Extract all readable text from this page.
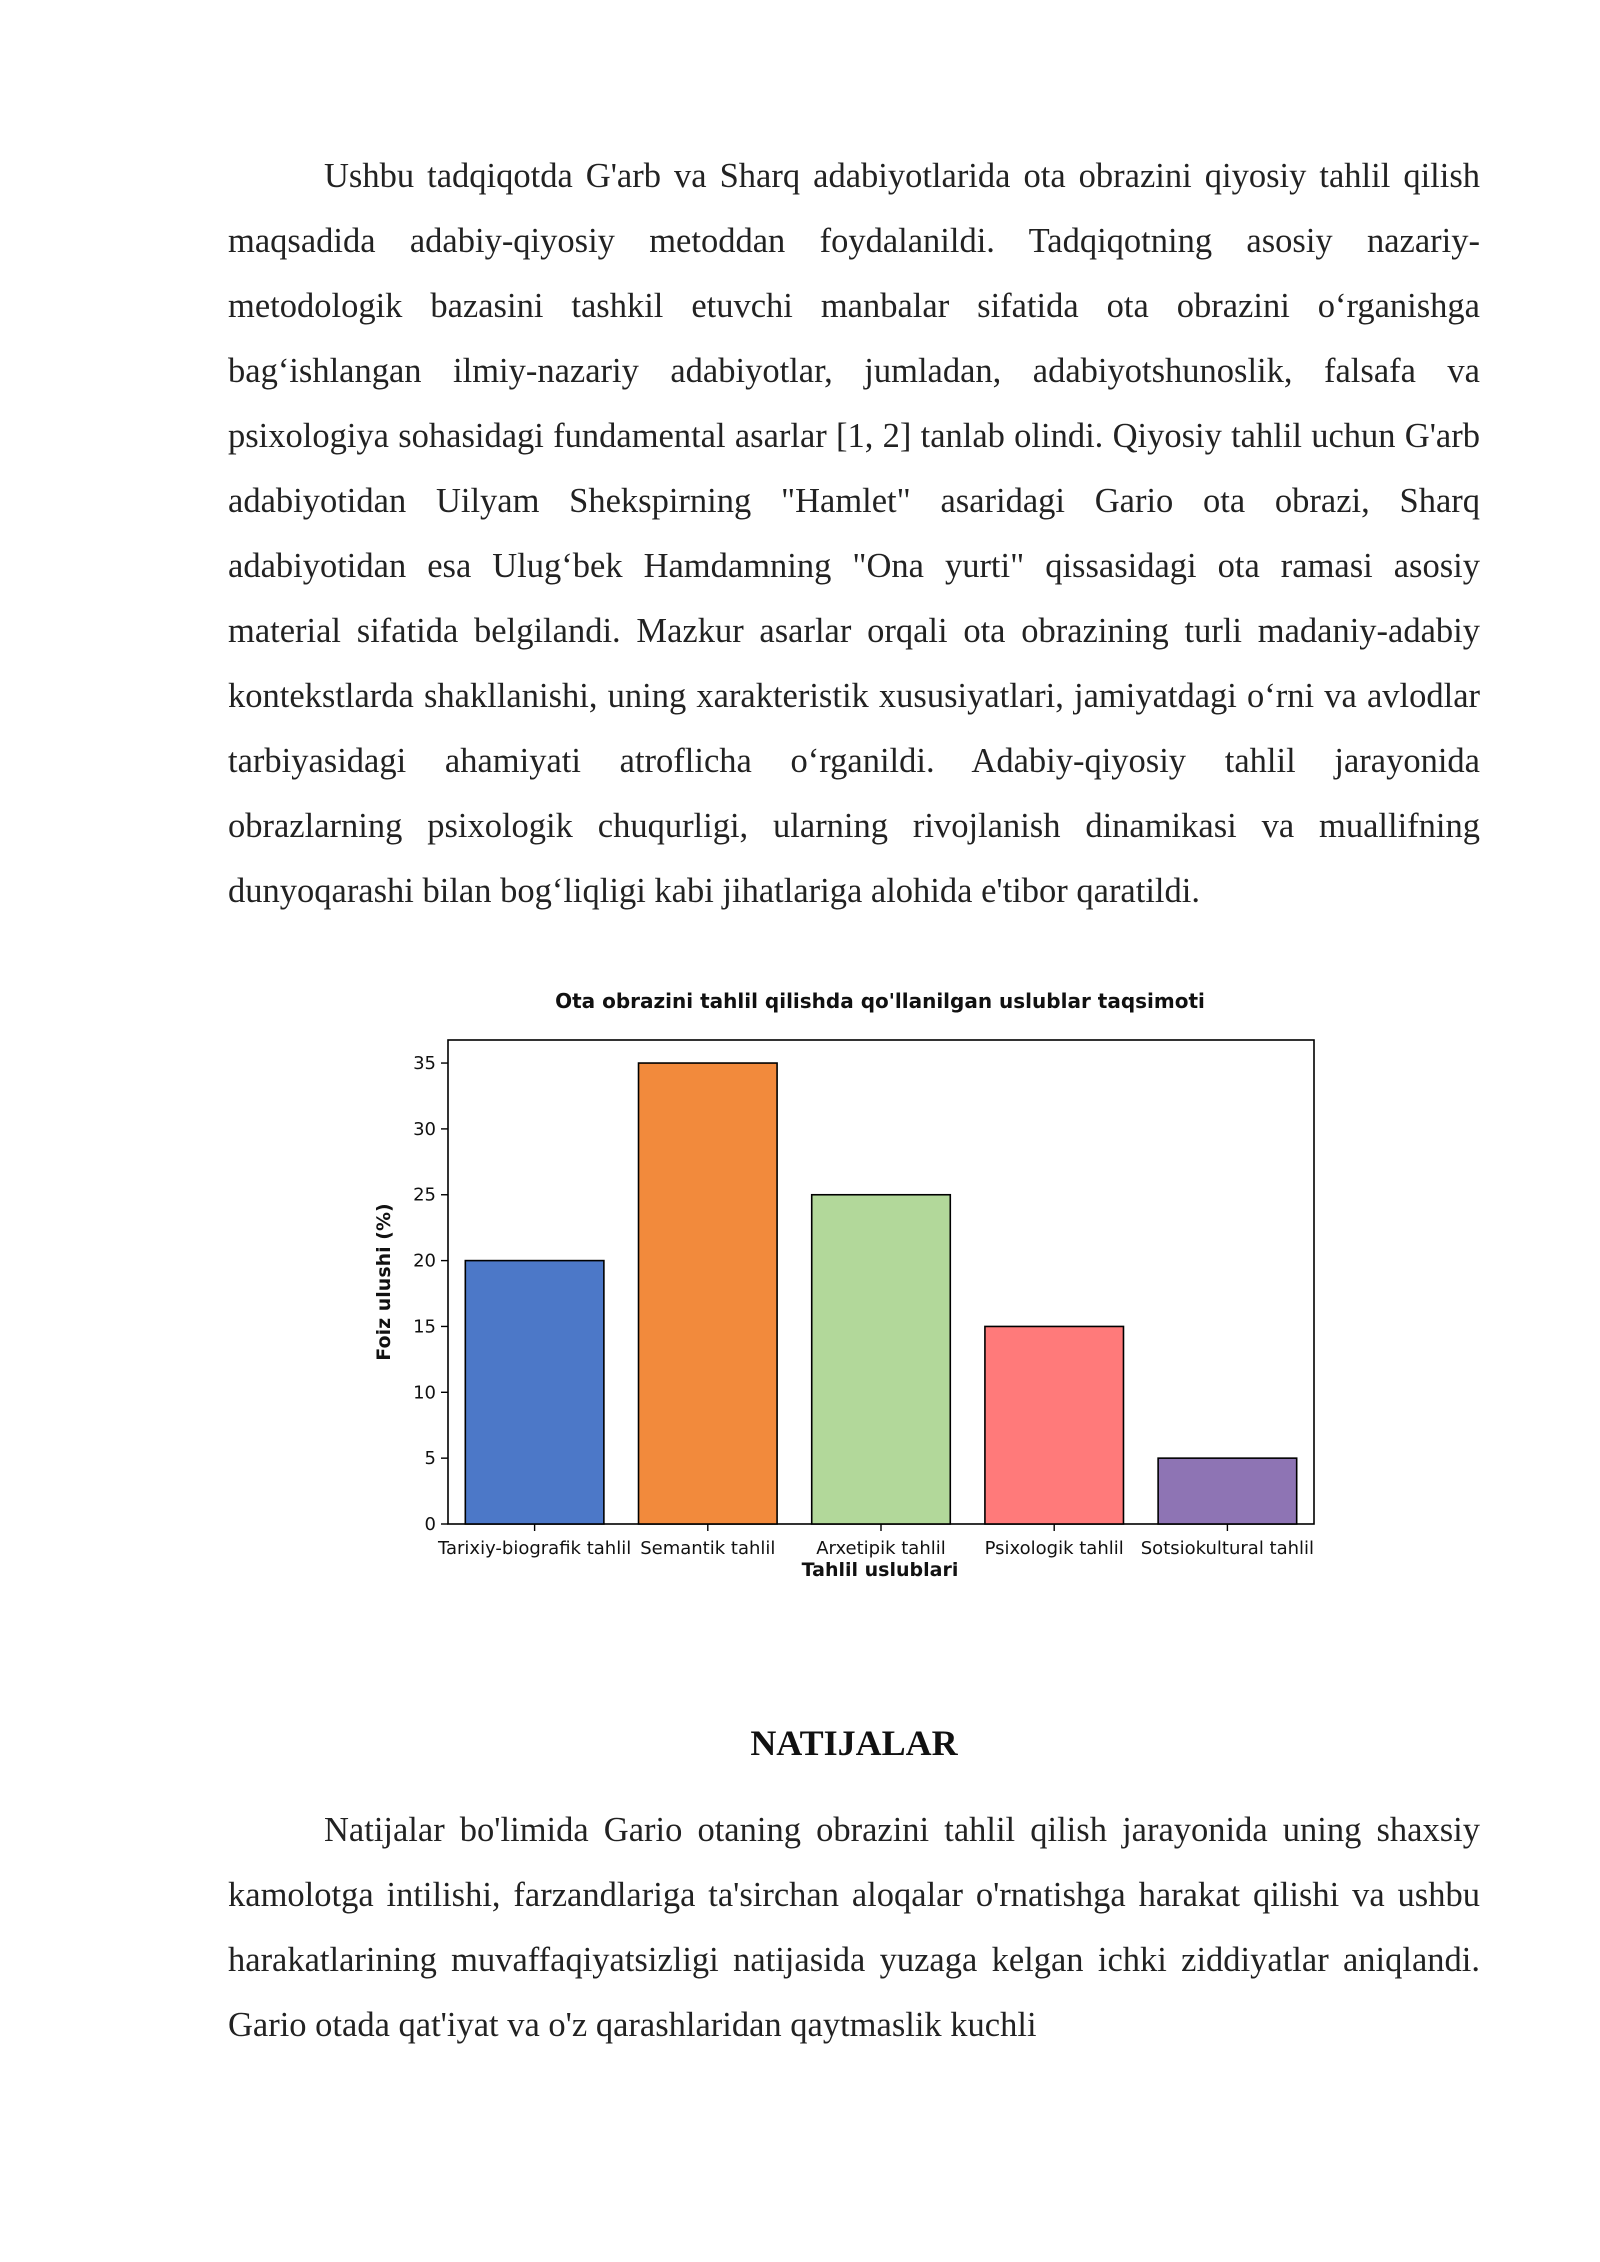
Ushbu tadqiqotda G'arb va Sharq adabiyotlarida ota obrazini qiyosiy tahlil qilish maqsadida adabiy-qiyosiy metoddan foydalanildi. Tadqiqotning asosiy nazariy-metodologik bazasini tashkil etuvchi manbalar sifatida ota obrazini o‘rganishga bag‘ishlangan ilmiy-nazariy adabiyotlar, jumladan, adabiyotshunoslik, falsafa va psixologiya sohasidagi fundamental asarlar [1, 2] tanlab olindi. Qiyosiy tahlil uchun G'arb adabiyotidan Uilyam Shekspirning "Hamlet" asaridagi Gario ota obrazi, Sharq adabiyotidan esa Ulug‘bek Hamdamning "Ona yurti" qissasidagi ota ramasi asosiy material sifatida belgilandi. Mazkur asarlar orqali ota obrazining turli madaniy-adabiy kontekstlarda shakllanishi, uning xarakteristik xususiyatlari, jamiyatdagi o‘rni va avlodlar tarbiyasidagi ahamiyati atroflicha o‘rganildi. Adabiy-qiyosiy tahlil jarayonida obrazlarning psixologik chuqurligi, ularning rivojlanish dinamikasi va muallifning dunyoqarashi bilan bog‘liqligi kabi jihatlariga alohida e'tibor qaratildi.

Ota obrazini tahlil qilishda qo'llanilgan uslublar taqsimoti
0
5
10
15
20
25
30
35
Tarixiy-biografik tahlil Semantik tahlil Arxetipik tahlil Psixologik tahlil Sotsiokultural tahlil
Tahlil uslublari
Foiz ulushi (%)
NATIJALAR

Natijalar bo'limida Gario otaning obrazini tahlil qilish jarayonida uning shaxsiy kamolotga intilishi, farzandlariga ta'sirchan aloqalar o'rnatishga harakat qilishi va ushbu harakatlarining muvaffaqiyatsizligi natijasida yuzaga kelgan ichki ziddiyatlar aniqlandi. Gario otada qat'iyat va o'z qarashlaridan qaytmaslik kuchli
